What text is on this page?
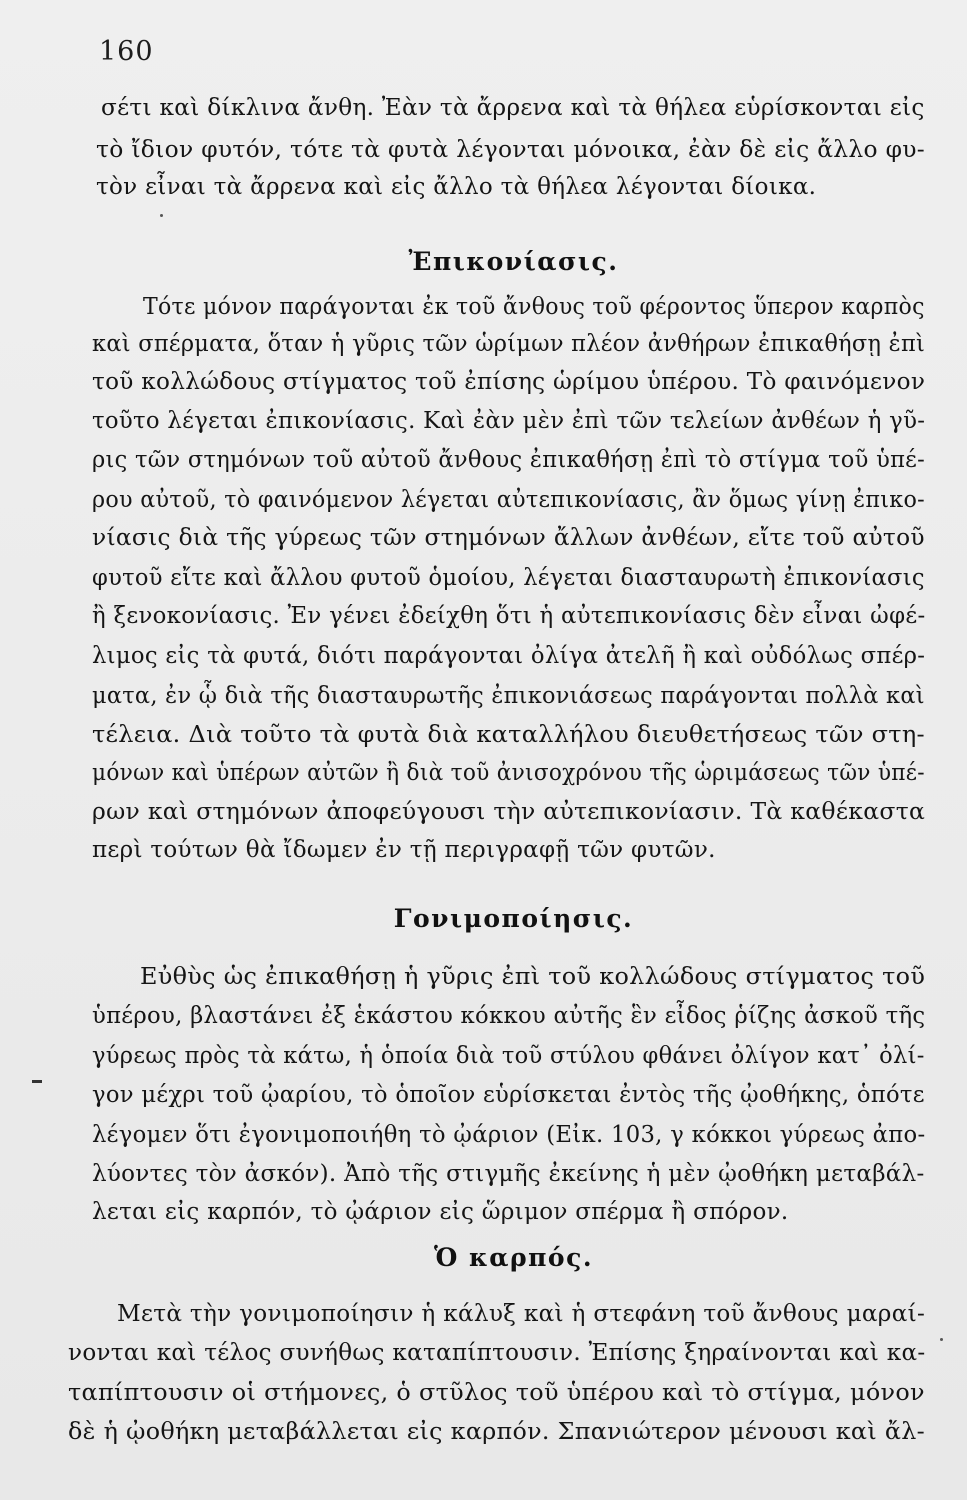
160
σέτι καὶ δίκλινα ἄνθη. Ἐὰν τὰ ἄρρενα καὶ τὰ θήλεα εὑρίσκονται εἰς
τὸ ἴδιον φυτόν, τότε τὰ φυτὰ λέγονται μόνοικα, ἐὰν δὲ εἰς ἄλλο φυ-
τὸν εἶναι τὰ ἄρρενα καὶ εἰς ἄλλο τὰ θήλεα λέγονται δίοικα.
Ἐπικονίασις.
Τότε μόνον παράγονται ἐκ τοῦ ἄνθους τοῦ φέροντος ὕπερον καρπὸς
καὶ σπέρματα, ὅταν ἡ γῦρις τῶν ὡρίμων πλέον ἀνθήρων ἐπικαθήσῃ ἐπὶ
τοῦ κολλώδους στίγματος τοῦ ἐπίσης ὡρίμου ὑπέρου. Τὸ φαινόμενον
τοῦτο λέγεται ἐπικονίασις. Καὶ ἐὰν μὲν ἐπὶ τῶν τελείων ἀνθέων ἡ γῦ-
ρις τῶν στημόνων τοῦ αὐτοῦ ἄνθους ἐπικαθήσῃ ἐπὶ τὸ στίγμα τοῦ ὑπέ-
ρου αὐτοῦ, τὸ φαινόμενον λέγεται αὐτεπικονίασις, ἂν ὅμως γίνῃ ἐπικο-
νίασις διὰ τῆς γύρεως τῶν στημόνων ἄλλων ἀνθέων, εἴτε τοῦ αὐτοῦ
φυτοῦ εἴτε καὶ ἄλλου φυτοῦ ὁμοίου, λέγεται διασταυρωτὴ ἐπικονίασις
ἢ ξενοκονίασις. Ἐν γένει ἐδείχθη ὅτι ἡ αὐτεπικονίασις δὲν εἶναι ὠφέ-
λιμος εἰς τὰ φυτά, διότι παράγονται ὀλίγα ἀτελῆ ἢ καὶ οὐδόλως σπέρ-
ματα, ἐν ᾧ διὰ τῆς διασταυρωτῆς ἐπικονιάσεως παράγονται πολλὰ καὶ
τέλεια. Διὰ τοῦτο τὰ φυτὰ διὰ καταλλήλου διευθετήσεως τῶν στη-
μόνων καὶ ὑπέρων αὐτῶν ἢ διὰ τοῦ ἀνισοχρόνου τῆς ὡριμάσεως τῶν ὑπέ-
ρων καὶ στημόνων ἀποφεύγουσι τὴν αὐτεπικονίασιν. Τὰ καθέκαστα
περὶ τούτων θὰ ἴδωμεν ἐν τῇ περιγραφῇ τῶν φυτῶν.
Γονιμοποίησις.
Εὐθὺς ὡς ἐπικαθήσῃ ἡ γῦρις ἐπὶ τοῦ κολλώδους στίγματος τοῦ
ὑπέρου, βλαστάνει ἐξ ἑκάστου κόκκου αὐτῆς ἓν εἶδος ῥίζης ἀσκοῦ τῆς
γύρεως πρὸς τὰ κάτω, ἡ ὁποία διὰ τοῦ στύλου φθάνει ὀλίγον κατ᾽ ὀλί-
γον μέχρι τοῦ ᾠαρίου, τὸ ὁποῖον εὑρίσκεται ἐντὸς τῆς ᾠοθήκης, ὁπότε
λέγομεν ὅτι ἐγονιμοποιήθη τὸ ᾠάριον (Εἰκ. 103, γ κόκκοι γύρεως ἀπο-
λύοντες τὸν ἀσκόν). Ἀπὸ τῆς στιγμῆς ἐκείνης ἡ μὲν ᾠοθήκη μεταβάλ-
λεται εἰς καρπόν, τὸ ᾠάριον εἰς ὥριμον σπέρμα ἢ σπόρον.
Ὁ καρπός.
Μετὰ τὴν γονιμοποίησιν ἡ κάλυξ καὶ ἡ στεφάνη τοῦ ἄνθους μαραί-
νονται καὶ τέλος συνήθως καταπίπτουσιν. Ἐπίσης ξηραίνονται καὶ κα-
ταπίπτουσιν οἱ στήμονες, ὁ στῦλος τοῦ ὑπέρου καὶ τὸ στίγμα, μόνον
δὲ ἡ ᾠοθήκη μεταβάλλεται εἰς καρπόν. Σπανιώτερον μένουσι καὶ ἄλ-
